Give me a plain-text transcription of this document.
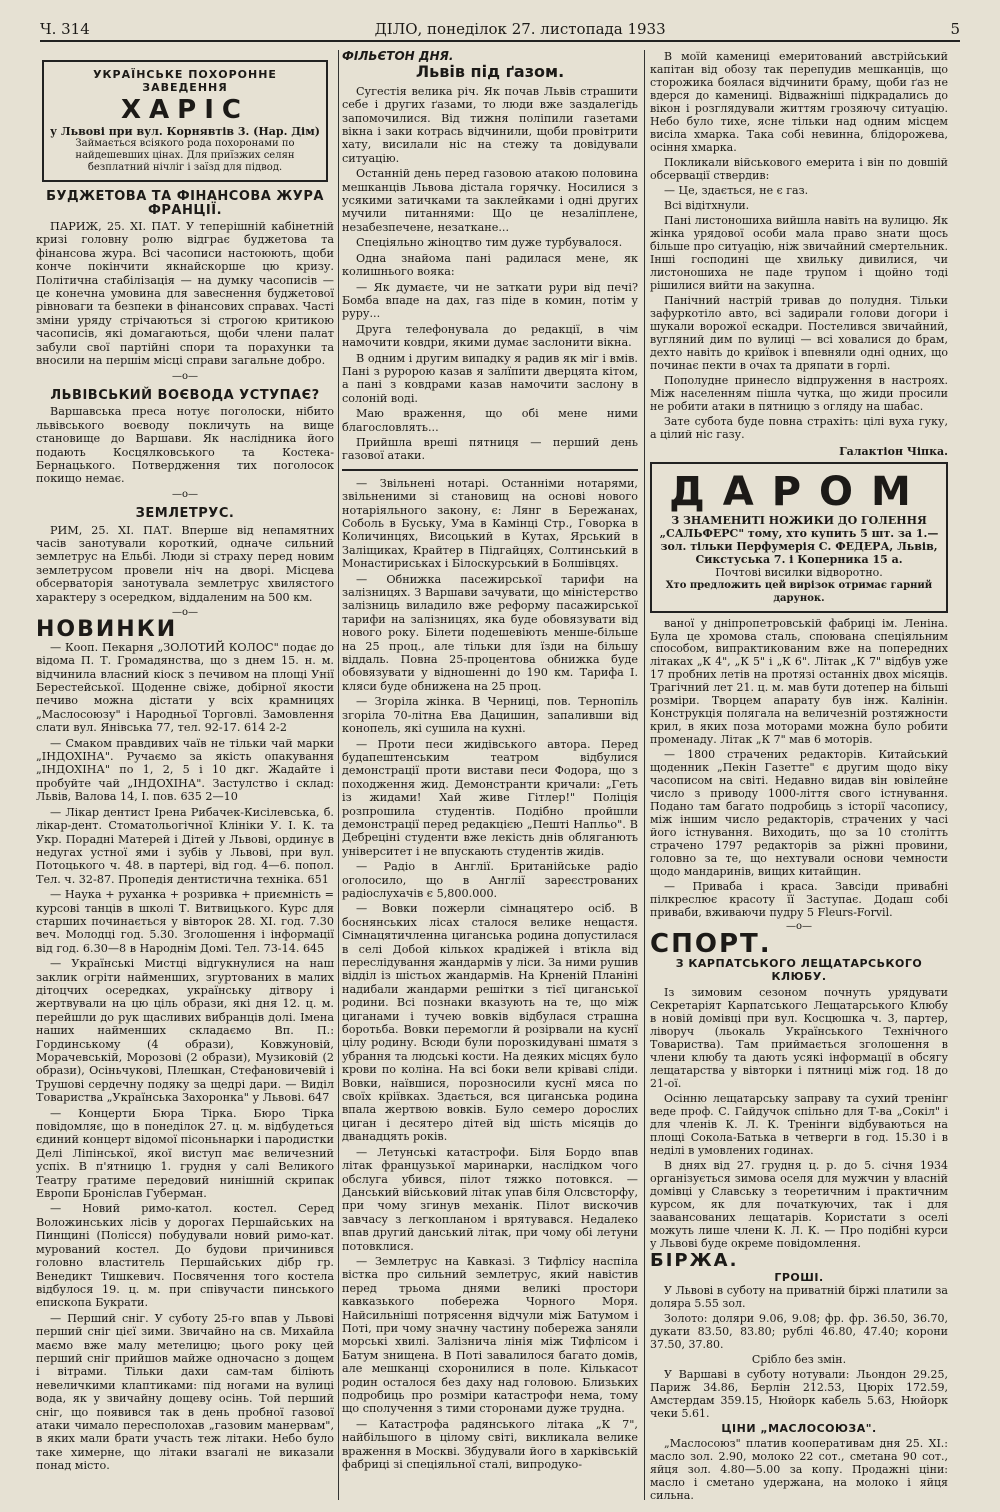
Ч. 314	ДІЛО, понеділок 27. листопада 1933	5
УКРАЇНСЬКЕ ПОХОРОННЕ ЗАВЕДЕННЯ
ХАРІС
у Львові при вул. Корнявтів 3. (Нар. Дім)
Займається всіякого рода похоронами по найдешевших цінах. Для приїзжих селян безплатний нічліг і заїзд для підвод.
БУДЖЕТОВА ТА ФІНАНСОВА ЖУРА ФРАНЦІЇ.

ПАРИЖ, 25. ХІ. ПАТ. У теперішній кабінетній кризі головну ролю відграє буджетова та фінансова жура. Всі часописи настоюють, щоби конче покінчити якнайскорше цю кризу. Політична стабілізація — на думку часописів — це конечна умовина для завеснення буджетової рівноваги та безпеки в фінансових справах. Часті зміни уряду стрічаються зі строгою критикою часописів, які домагаються, щоби члени палат забули свої партійні спори та порахунки та вносили на першім місці справи загальне добро.

—o—
ЛЬВІВСЬКИЙ ВОЄВОДА УСТУПАЄ?

Варшавська преса нотує поголоски, нібито львівського воєводу покличуть на вище становище до Варшави. Як наслідника його подають Косцялковського та Костека-Бернацького. Потвердження тих поголосок покищо немає.

—o—
ЗЕМЛЕТРУС.

РИМ, 25. ХІ. ПАТ. Вперше від непамятних часів занотували короткий, одначе сильний землетрус на Ельбі. Люди зі страху перед новим землетрусом провели ніч на дворі. Місцева обсерваторія занотувала землетрус хвилястого характеру з осередком, віддаленим на 500 км.

—o—
НОВИНКИ

— Кооп. Пекарня „ЗОЛОТИЙ КОЛОС" подає до відома П. Т. Громадянства, що з днем 15. н. м. відчинила власний кіоск з печивом на площі Унії Берестейської. Щоденне свіже, добірної якости печиво можна дістати у всіх крамницях „Маслосоюзу" і Народньої Торговлі. Замовлення слати вул. Янівська 77, тел. 92-17. 614 2-2

— Смаком правдивих чаїв не тільки чай марки „ІНДОХІНА". Ручаємо за якість опакування „ІНДОХІНА" по 1, 2, 5 і 10 дкг. Жадайте і пробуйте чай „ІНДОХІНА". Застулство і склад: Львів, Валова 14, І. пов. 635 2—10

— Лікар дентист Ірена Рибачек-Кисілевська, б. лікар-дент. Стоматольогічної Клініки У. І. К. та Укр. Порадні Матерей і Дітей у Львові, ординує в недугах устної ями і зубів у Львові, при вул. Потоцького ч. 48. в партері, від год. 4—6. попол. Тел. ч. 32-87. Пропедія дентистична техніка. 651

— Наука + руханка + розривка + приємність = курсові танців в школі Т. Витвицького. Курс для старших починається у вівторок 28. XI. год. 7.30 веч. Молодці год. 5.30. Зголошення і інформації від год. 6.30—8 в Народнім Домі. Тел. 73-14. 645

— Українські Мистці відгукнулися на наш заклик огріти найменших, згуртованих в малих дітоцчих осередках, українську дітвору і жертвували на цю ціль образи, які дня 12. ц. м. перейшли до рук щасливих вибранців долі. Імена наших найменших складаємо Вп. П.: Гординському (4 образи), Ковжуновій, Морачевській, Морозові (2 образи), Музиковій (2 образи), Осіньчукові, Плешкан, Стефановичевій і Трушові сердечну подяку за щедрі дари. — Виділ Товариства „Українська Захоронка" у Львові. 647

— Концерти Бюра Тірка. Бюро Тірка повідомляє, що в понеділок 27. ц. м. відбудеться єдиний концерт відомої пісоньнарки і пародистки Делі Ліпінської, якої виступ має величезний успіх. В п'ятницю 1. грудня у салі Великого Театру гратиме передовий нинішній скрипак Европи Броніслав Губерман.

— Новий римо-катол. костел. Серед Воложинських лісів у дорогах Першайських на Пинщині (Полісся) побудували новий римо-кат. мурований костел. До будови причинився головно властитель Першайських дібр гр. Венедикт Тишкевич. Посвячення того костела відбулося 19. ц. м. при співучасти пинського епископа Букрати.

— Перший сніг. У суботу 25-го впав у Львові перший сніг цієї зими. Звичайно на св. Михайла маємо вже малу метелицю; цього року цей перший сніг прийшов майже одночасно з дощем і вітрами. Тільки дахи сам-там біліють невеличкими клаптиками: під ногами на вулиці вода, як у звичайну дощеву осінь. Той перший сніг, що появився так в день пробної газової атаки чимало пересполохав „газовим манервам", в яких мали брати участь теж літаки. Небо було таке химерне, що літаки взагалі не виказали понад місто.

ФІЛЬЄТОН ДНЯ.
Львів під ґазом.

Сугестія велика річ. Як почав Львів страшити себе і других ґазами, то люди вже заздалегідь запомочилися. Від тижня поліпили газетами вікна і заки котрась відчинили, щоби провітрити хату, висилали ніс на стежу та довідували ситуацію.

Останній день перед газовою атакою половина мешканців Львова дістала горячку. Носилися з усякими затичками та заклейками і одні других мучили питаннями: Що це незаліплене, незабезпечене, незаткане...

Спеціяльно жіноцтво тим дуже турбувалося.

Одна знайома пані радилася мене, як колишнього вояка:

— Як думаєте, чи не заткати рури від печі? Бомба впаде на дах, газ піде в комин, потім у руру...

Друга телефонувала до редакції, в чім намочити ковдри, якими думає заслонити вікна.

В одним і другим випадку я радив як міг і вмів. Пані з руророю казав я залїпити дверцята кітом, а пані з ковдрами казав намочити заслону в солоній воді.

Маю враження, що обі мене ними благословлять...

Прийшла вреші пятниця — перший день газової атаки.

— Звільнені нотарі. Останніми нотарями, звільненими зі становищ на основі нового нотаріяльного закону, є: Лянг в Бережанах, Соболь в Буську, Ума в Камінці Стр., Говорка в Количинцях, Висоцький в Кутах, Ярський в Заліщиках, Крайтер в Підгайцях, Солтинський в Монастириськах і Білоскурський в Болшівцях.

— Обнижка пасежирської тарифи на залізницях. З Варшави зачувати, що міністерство залізниць виладило вже реформу пасажирської тарифи на залізницях, яка буде обовязувати від нового року. Білети подешевіють менше-більше на 25 проц., але тільки для їзди на більшу віддаль. Повна 25-процентова обнижка буде обовязувати у відношенні до 190 км. Тарифа І. кляси буде обнижена на 25 проц.

— Згоріла жінка. В Черниці, пов. Тернопіль згоріла 70-літна Ева Дацишин, запаливши від конопель, які сушила на кухні.

— Проти песи жидівського автора. Перед будапештенським театром відбулися демонстрації проти вистави песи Фодора, що з походження жид. Демонстранти кричали: „Геть із жидами! Хай живе Гітлер!" Поліція розпрошила студентів. Подібно пройшли демонстрації перед редакцією „Пешті Напльо". В Дебреціні студенти вже лекість днів обляганють університет і не впускають студентів жидів.

— Радіо в Англії. Британійське радіо оголосило, що в Англії зареєстрованих радіослухачів є 5,800.000.

— Вовки пожерли сімнацятеро осіб. В боснянських лісах сталося велике нещастя. Сімнацятичленна циганська родина допустилася в селі Добой кількох крадіжей і втікла від переслідування жандармів у ліси. За ними рушив відділ із шістьох жандармів. На Крненій Планіні надибали жандарми решітки з тієї циганської родини. Всі познаки вказують на те, що між циганами і тучею вовків відбулася страшна боротьба. Вовки перемогли й розірвали на куснї цілу родину. Всюди були порозкидувані шматя з убрання та людські кости. На деяких місцях було крови по коліна. На всі боки вели кріваві сліди. Вовки, наївшися, порозносили куснї мяса по своїх кріївках. Здається, вся циганська родина впала жертвою вовків. Було семеро дорослих циган і десятеро дітей від шість місяців до дванадцять років.

— Летунські катастрофи. Біля Бордо впав літак французької маринарки, наслідком чого обслуга убився, пілот тяжко потовкся. — Данський військовий літак упав біля Олсвсторфу, при чому згинув механік. Пілот вискочив завчасу з легкопланом і врятувався. Недалеко впав другий данський літак, при чому обі летуни потовклися.

— Землетрус на Кавказі. З Тифлісу наспіла вістка про сильний землетрус, який навістив перед трьома днями великі простори кавказького побережа Чорного Моря. Найсильніші потрясення відчули між Батумом і Поті, при чому значну частину побережа заняли морські хвилі. Залізнича лінія між Тифлісом і Батум знищена. В Поті завалилося багато домів, але мешканці схоронилися в поле. Кількасот родин осталося без даху над головою. Близьких подробиць про розміри катастрофи нема, тому що сполучення з тими сторонами дуже трудна.

— Катастрофа радянського літака „К 7", найбільшого в цілому світі, викликала велике враження в Москві. Збудували його в харківській фабриці зі спеціяльної сталі, випродуко-

В моїй камениці емеритований австрійський капітан від обозу так перепудив мешканців, що сторожика боялася відчинити браму, щоби ґаз не вдерся до камениці. Відважніші підкрадались до вікон і розглядували життям грозяючу ситуацію. Небо було тихе, ясне тільки над одним місцем висіла хмарка. Така собі невинна, блідорожева, осіння хмарка.

Покликали військового емерита і він по довшій обсервації ствердив:

— Це, здається, не є газ.

Всі відітхнули.

Пані листоношиха вийшла навіть на вулицю. Як жінка урядової особи мала право знати щось більше про ситуацію, ніж звичайний смертельник. Інші господині ще хвильку дивилися, чи листоношиха не паде трупом і щойно тоді рішилися вийти на закупна.

Панічний настрій тривав до полудня. Тільки зафуркотіло авто, всі задирали голови догори і шукали ворожої ескадри. Постелився звичайний, вугляний дим по вулиці — всі ховалися до брам, дехто навіть до криївок і впевняли одні одних, що починає пекти в очах та дряпати в горлі.

Пополудне принесло відпруження в настроях. Між населенням пішла чутка, що жиди просили не робити атаки в пятницю з огляду на шабас.

Зате субота буде повна страхіть: цілі вуха гуку, а цілий ніс газу.

Галактіон Чіпка.
ДАРОМ
З ЗНАМЕНИТІ НОЖИКИ ДО ГОЛЕННЯ
„САЛЬФЕРС" тому, хто купить 5 шт. за 1.— зол. тільки Перфумерія С. ФЕДЕРА, Львів, Сикстуська 7. і Коперника 15 а.
Почтові висилки відворотно.
Хто предложить цей вирізок отримає гарний дарунок.

ваної у дніпропетровській фабриці ім. Леніна. Була це хромова сталь, споювана спеціяльним способом, випрактикованим вже на попередних літаках „К 4", „К 5" і „К 6". Літак „К 7" відбув уже 17 пробних летів на протязі останніх двох місяців. Трагічний лет 21. ц. м. мав бути дотепер на більші розміри. Творцем апарату був інж. Калінін. Конструкція полягала на величезній розтяжности крил, в яких поза моторами можна було робити променаду. Літак „К 7" мав 6 моторів.

— 1800 страчених редакторів. Китайський щоденник „Пекін Газетте" є другим щодо віку часописом на світі. Недавно видав він ювілейне число з приводу 1000-ліття свого істнування. Подано там багато подробиць з історії часопису, між іншим число редакторів, страчених у часі його істнування. Виходить, що за 10 столітть страчено 1797 редакторів за ріжні провини, головно за те, що нехтували основи чемности щодо мандаринів, вищих китайщин.

— Приваба і краса. Завсіди привабні пілкреслює красоту її Заступає. Додаш собі приваби, вживаючи пудру 5 Fleurs-Forvil.

—o—
СПОРТ.
З КАРПАТСЬКОГО ЛЕЩАТАРСЬКОГО КЛЮБУ.

Із зимовим сезоном почнуть урядувати Секретаріят Карпатського Лещатарського Клюбу в новій домівці при вул. Косцюшка ч. 3, партер, ліворуч (льокаль Українського Технічного Товариства). Там приймається зголошення в члени клюбу та дають усякі інформації в обсягу лещатарства у вівторки і пятниці між год. 18 до 21-ої.

Осінню лещатарську заправу та сухий тренінг веде проф. С. Гайдучок спільно для Т-ва „Сокіл" і для членів К. Л. К. Тренінги відбуваються на площі Сокола-Батька в четверги в год. 15.30 і в неділі в умовлених годинах.

В днях від 27. грудня ц. р. до 5. січня 1934 організується зимова оселя для мужчин у власній домівці у Славську з теоретичним і практичним курсом, як для початкуючих, так і для заавансованих лещатарів. Користати з оселі можуть лише члени К. Л. К. — Про подібні курси у Львові буде окреме повідомлення.

БІРЖА.
ГРОШІ.

У Львові в суботу на приватній біржі платили за доляра 5.55 зол.

Золото: доляри 9.06, 9.08; фр. фр. 36.50, 36.70, дукати 83.50, 83.80; рублі 46.80, 47.40; корони 37.50, 37.80.

Срібло без змін.

У Варшаві в суботу нотували: Льондон 29.25, Париж 34.86, Берлін 212.53, Цюріх 172.59, Амстердам 359.15, Нюйорк кабель 5.63, Нюйорк чеки 5.61.

ЦІНИ „МАСЛОСОЮЗА".

„Маслосоюз" платив кооперативам дня 25. XI.: масло зол. 2.90, молоко 22 сот., сметана 90 сот., яйця зол. 4.80—5.00 за копу. Продажні ціни: масло і сметано удержана, на молоко і яйця сильна.
